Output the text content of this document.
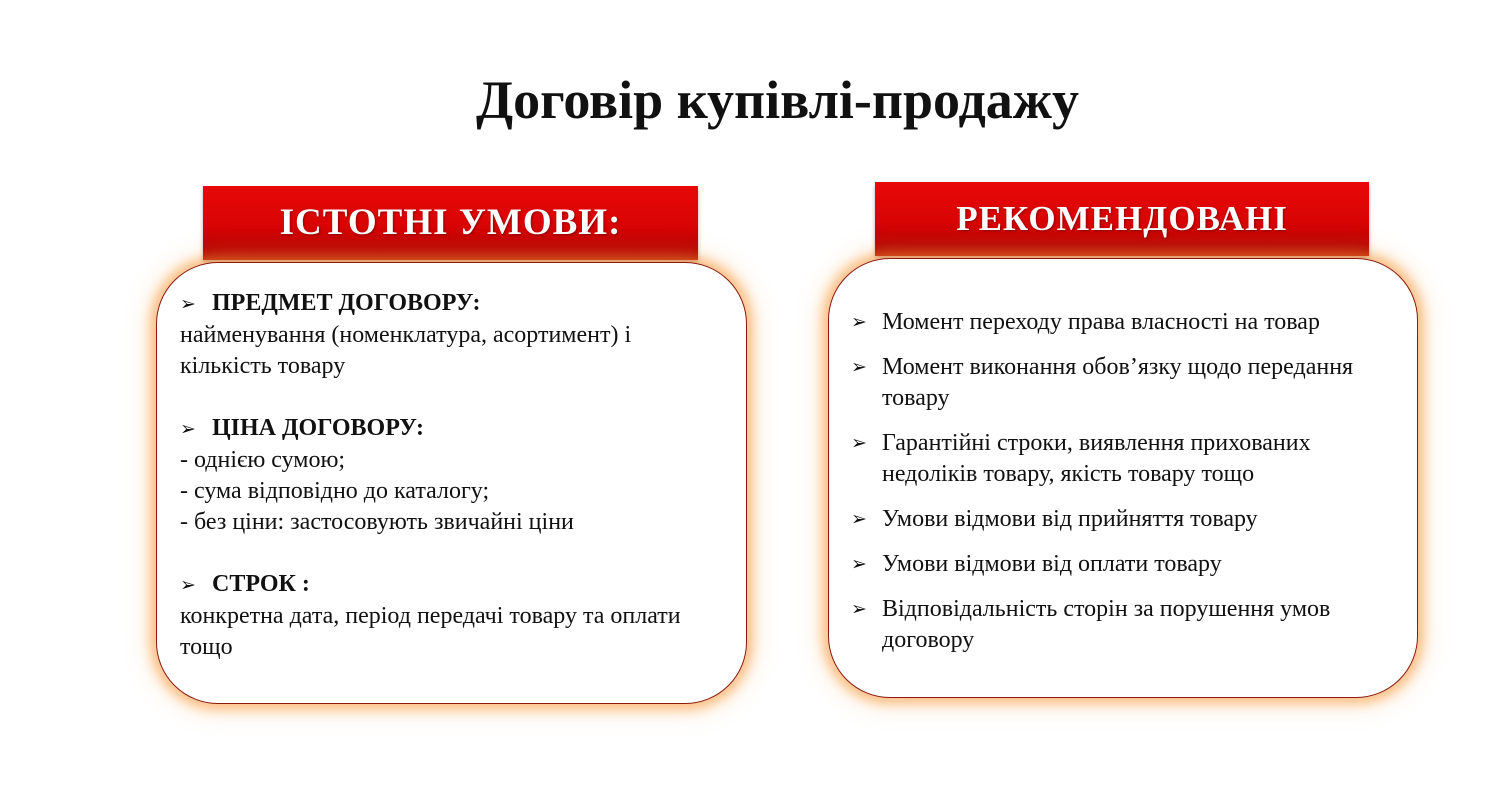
Договір купівлі-продажу
ІСТОТНІ УМОВИ:	РЕКОМЕНДОВАНІ
➢ ПРЕДМЕТ ДОГОВОРУ:
найменування (номенклатура, асортимент) і
кількість товару
➢ ЦІНА ДОГОВОРУ:
- однією сумою;
- сума відповідно до каталогу;
- без ціни: застосовують звичайні ціни
➢ СТРОК :
конкретна дата, період передачі товару та оплати
тощо
➢ Момент переходу права власності на товар
➢ Момент виконання обов’язку щодо передання
товару
➢ Гарантійні строки, виявлення прихованих
недоліків товару, якість товару тощо
➢ Умови відмови від прийняття товару
➢ Умови відмови від оплати товару
➢ Відповідальність сторін за порушення умов
договору
